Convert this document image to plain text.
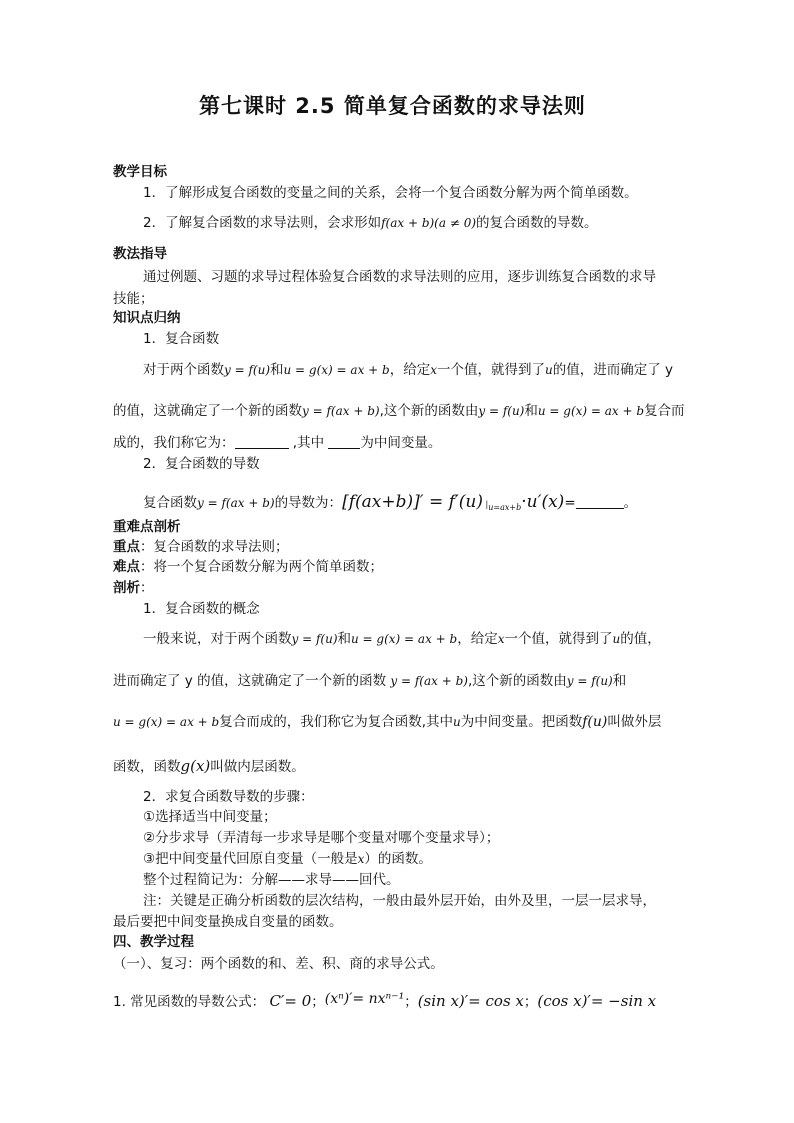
第七课时 2.5 简单复合函数的求导法则
教学目标
1．了解形成复合函数的变量之间的关系，会将一个复合函数分解为两个简单函数。
2．了解复合函数的求导法则，会求形如f(ax + b)(a ≠ 0)的复合函数的导数。
教法指导
通过例题、习题的求导过程体验复合函数的求导法则的应用，逐步训练复合函数的求导
技能；
知识点归纳
1．复合函数
对于两个函数y = f(u)和u = g(x) = ax + b，给定x一个值，就得到了u的值，进而确定了 y
的值，这就确定了一个新的函数y = f(ax + b),这个新的函数由y = f(u)和u = g(x) = ax + b复合而
成的，我们称它为：	,其中 为中间变量。
2．复合函数的导数
复合函数y = f(ax + b)的导数为：[f(ax+b)]′ = f′(u) $|_{u=ax+b}\cdot u'(x)=$	。
重难点剖析
重点：复合函数的求导法则；
难点：将一个复合函数分解为两个简单函数；
剖析：
1．复合函数的概念
一般来说，对于两个函数y = f(u)和u = g(x) = ax + b，给定x一个值，就得到了u的值，
进而确定了 y 的值，这就确定了一个新的函数 y = f(ax + b),这个新的函数由y = f(u)和
u = g(x) = ax + b复合而成的，我们称它为复合函数,其中u为中间变量。把函数f(u)叫做外层
函数，函数g(x)叫做内层函数。
2．求复合函数导数的步骤：
①选择适当中间变量；
②分步求导（弄清每一步求导是哪个变量对哪个变量求导）；
③把中间变量代回原自变量（一般是x）的函数。
整个过程简记为：分解——求导——回代。
注：关键是正确分析函数的层次结构，一般由最外层开始，由外及里，一层一层求导，
最后要把中间变量换成自变量的函数。
四、教学过程
（一）、复习：两个函数的和、差、积、商的求导公式。
1. 常见函数的导数公式： C′= 0；(xⁿ)′= nxⁿ⁻¹；(sin x)′= cos x；(cos x)′= −sin x
